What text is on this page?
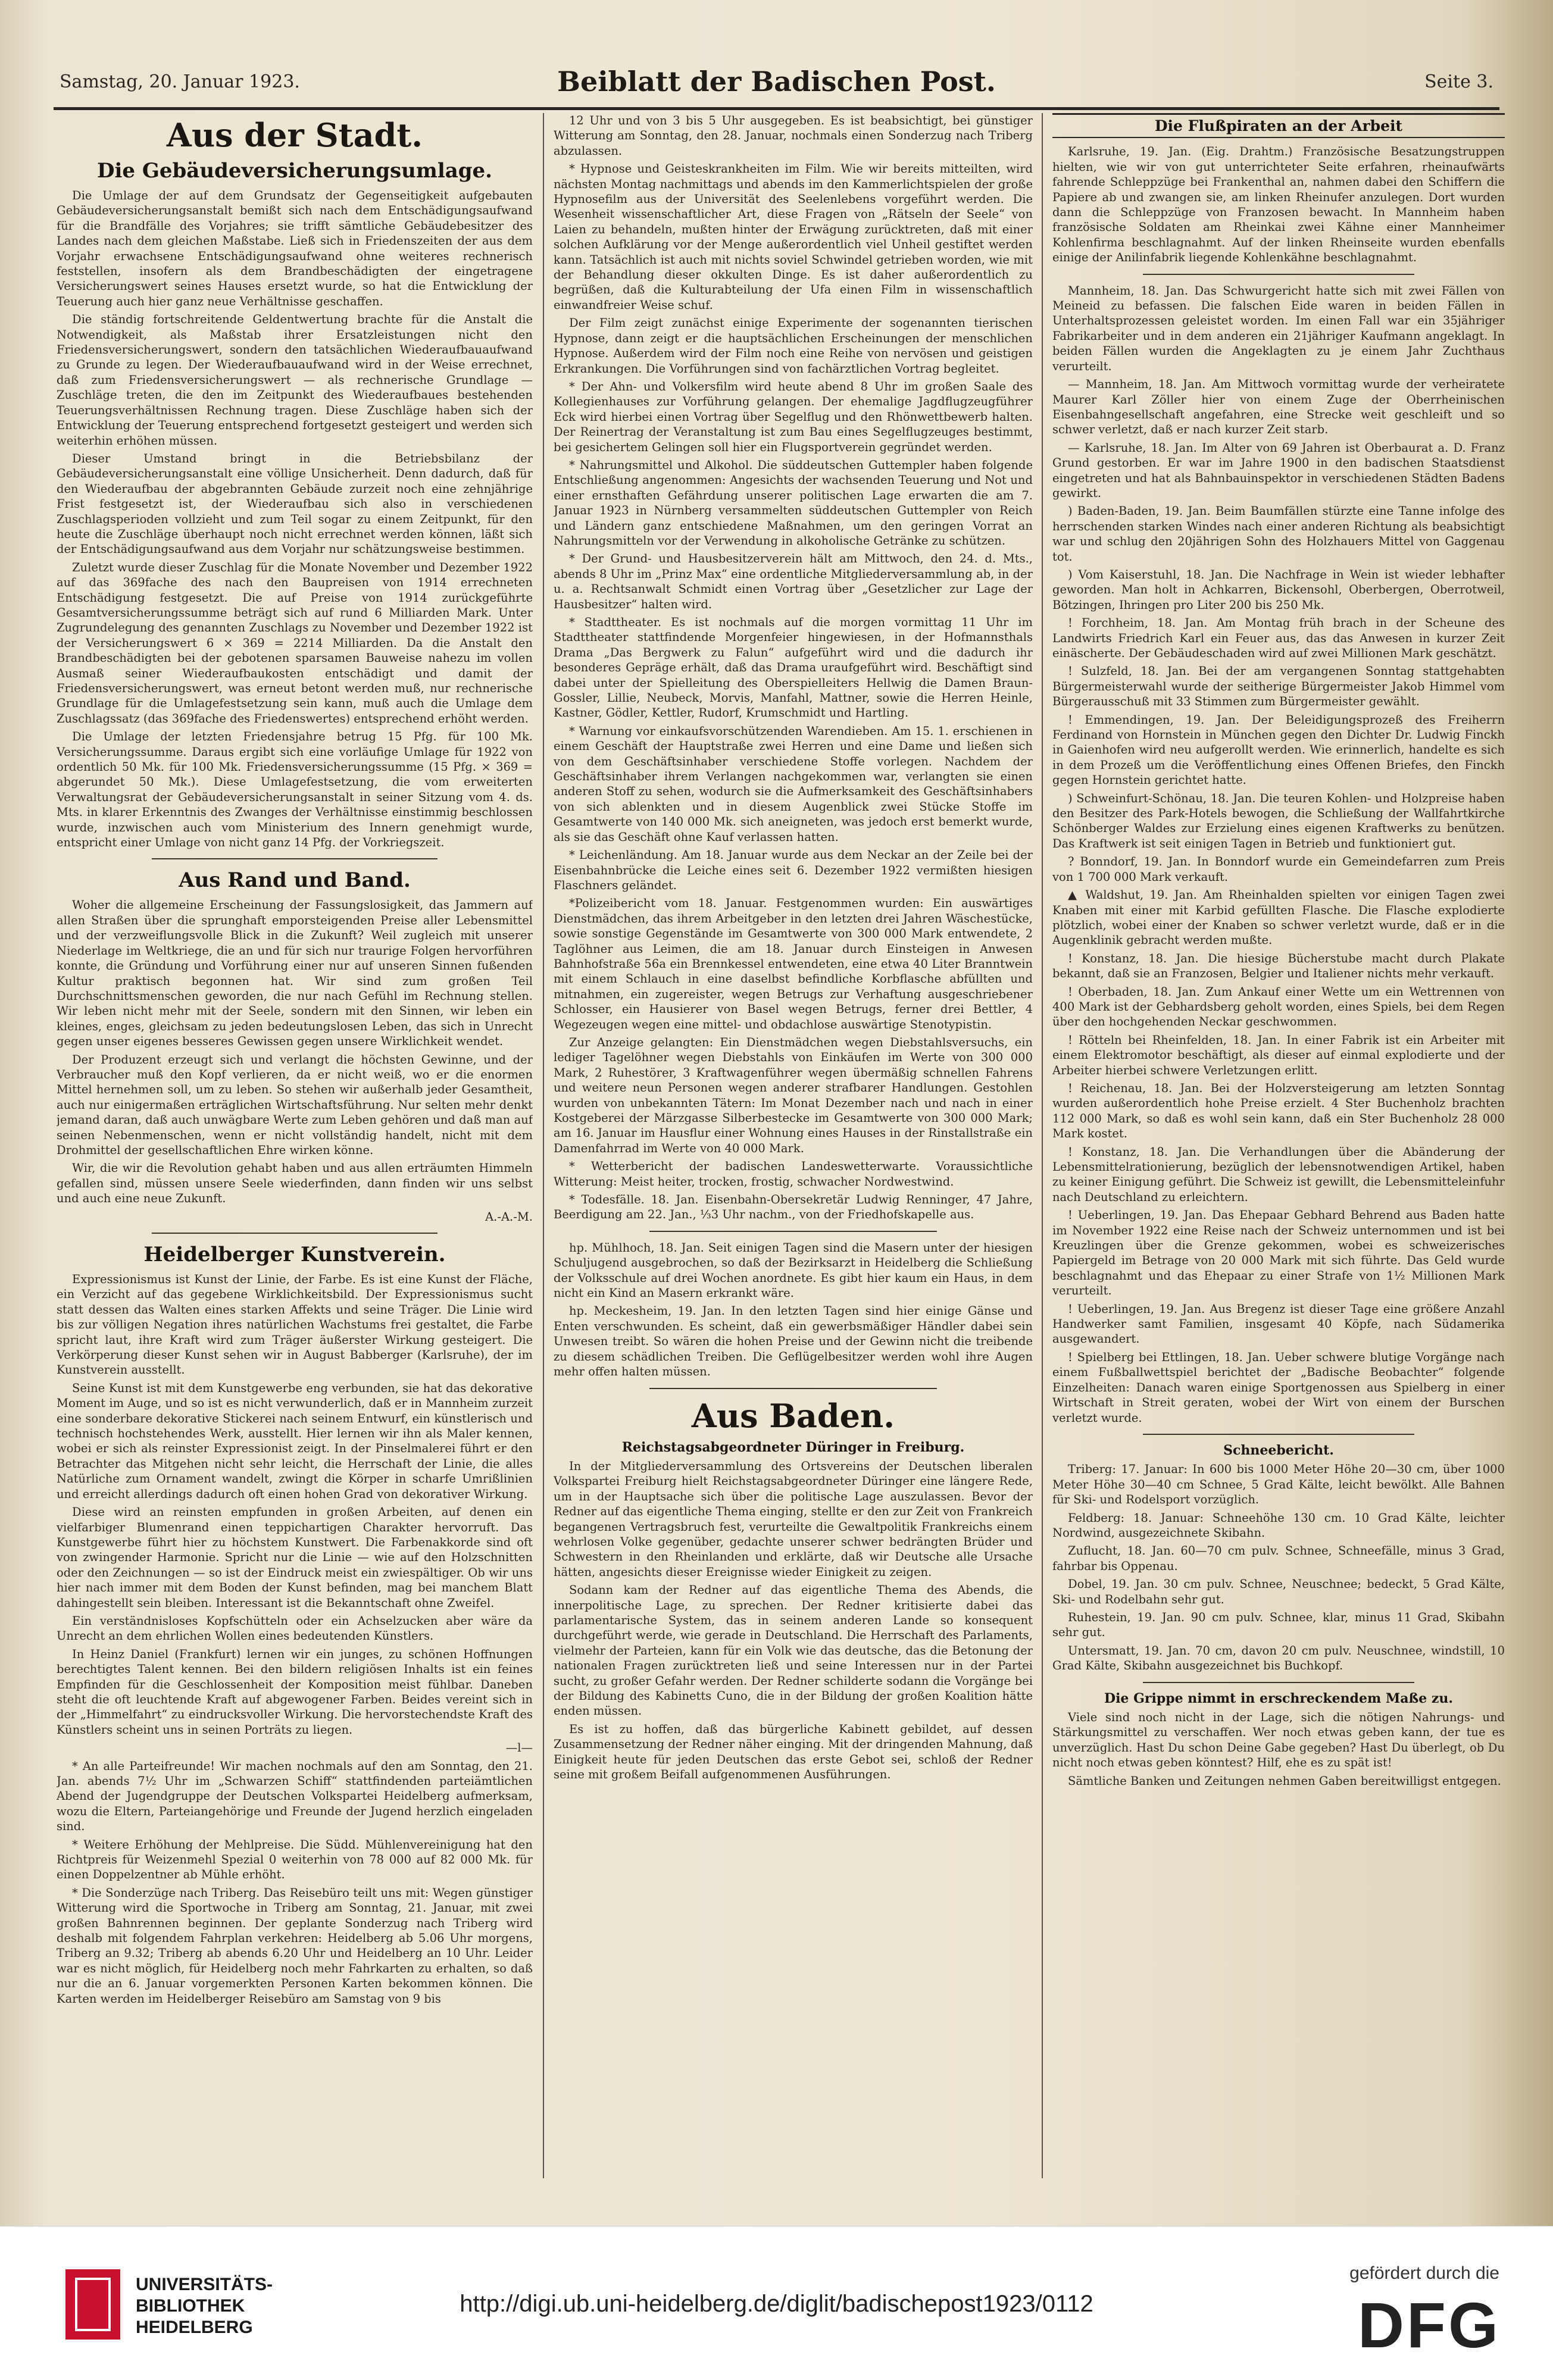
Samstag, 20. Januar 1923.	Beiblatt der Badischen Post.	Seite 3.
Aus der Stadt.
Die Gebäudeversicherungsumlage.

Die Umlage der auf dem Grundsatz der Gegenseitigkeit aufgebauten Gebäudeversicherungsanstalt bemißt sich nach dem Entschädigungsaufwand für die Brandfälle des Vorjahres; sie trifft sämtliche Gebäudebesitzer des Landes nach dem gleichen Maßstabe. Ließ sich in Friedenszeiten der aus dem Vorjahr erwachsene Entschädigungsaufwand ohne weiteres rechnerisch feststellen, insofern als dem Brandbeschädigten der eingetragene Versicherungswert seines Hauses ersetzt wurde, so hat die Entwicklung der Teuerung auch hier ganz neue Verhältnisse geschaffen.

Die ständig fortschreitende Geldentwertung brachte für die Anstalt die Notwendigkeit, als Maßstab ihrer Ersatzleistungen nicht den Friedensversicherungswert, sondern den tatsächlichen Wiederaufbauaufwand zu Grunde zu legen. Der Wiederaufbauaufwand wird in der Weise errechnet, daß zum Friedensversicherungswert — als rechnerische Grundlage — Zuschläge treten, die den im Zeitpunkt des Wiederaufbaues bestehenden Teuerungsverhältnissen Rechnung tragen. Diese Zuschläge haben sich der Entwicklung der Teuerung entsprechend fortgesetzt gesteigert und werden sich weiterhin erhöhen müssen.

Dieser Umstand bringt in die Betriebsbilanz der Gebäudeversicherungsanstalt eine völlige Unsicherheit. Denn dadurch, daß für den Wiederaufbau der abgebrannten Gebäude zurzeit noch eine zehnjährige Frist festgesetzt ist, der Wiederaufbau sich also in verschiedenen Zuschlagsperioden vollzieht und zum Teil sogar zu einem Zeitpunkt, für den heute die Zuschläge überhaupt noch nicht errechnet werden können, läßt sich der Entschädigungsaufwand aus dem Vorjahr nur schätzungsweise bestimmen.

Zuletzt wurde dieser Zuschlag für die Monate November und Dezember 1922 auf das 369fache des nach den Baupreisen von 1914 errechneten Entschädigung festgesetzt. Die auf Preise von 1914 zurückgeführte Gesamtversicherungssumme beträgt sich auf rund 6 Milliarden Mark. Unter Zugrundelegung des genannten Zuschlags zu November und Dezember 1922 ist der Versicherungswert 6 × 369 = 2214 Milliarden. Da die Anstalt den Brandbeschädigten bei der gebotenen sparsamen Bauweise nahezu im vollen Ausmaß seiner Wiederaufbaukosten entschädigt und damit der Friedensversicherungswert, was erneut betont werden muß, nur rechnerische Grundlage für die Umlagefestsetzung sein kann, muß auch die Umlage dem Zuschlagssatz (das 369fache des Friedenswertes) entsprechend erhöht werden.

Die Umlage der letzten Friedensjahre betrug 15 Pfg. für 100 Mk. Versicherungssumme. Daraus ergibt sich eine vorläufige Umlage für 1922 von ordentlich 50 Mk. für 100 Mk. Friedensversicherungssumme (15 Pfg. × 369 = abgerundet 50 Mk.). Diese Umlagefestsetzung, die vom erweiterten Verwaltungsrat der Gebäudeversicherungsanstalt in seiner Sitzung vom 4. ds. Mts. in klarer Erkenntnis des Zwanges der Verhältnisse einstimmig beschlossen wurde, inzwischen auch vom Ministerium des Innern genehmigt wurde, entspricht einer Umlage von nicht ganz 14 Pfg. der Vorkriegszeit.

Aus Rand und Band.

Woher die allgemeine Erscheinung der Fassungslosigkeit, das Jammern auf allen Straßen über die sprunghaft emporsteigenden Preise aller Lebensmittel und der verzweiflungsvolle Blick in die Zukunft? Weil zugleich mit unserer Niederlage im Weltkriege, die an und für sich nur traurige Folgen hervorführen konnte, die Gründung und Vorführung einer nur auf unseren Sinnen fußenden Kultur praktisch begonnen hat. Wir sind zum großen Teil Durchschnittsmenschen geworden, die nur nach Gefühl im Rechnung stellen. Wir leben nicht mehr mit der Seele, sondern mit den Sinnen, wir leben ein kleines, enges, gleichsam zu jeden bedeutungslosen Leben, das sich in Unrecht gegen unser eigenes besseres Gewissen gegen unsere Wirklichkeit wendet.

Der Produzent erzeugt sich und verlangt die höchsten Gewinne, und der Verbraucher muß den Kopf verlieren, da er nicht weiß, wo er die enormen Mittel hernehmen soll, um zu leben. So stehen wir außerhalb jeder Gesamtheit, auch nur einigermaßen erträglichen Wirtschaftsführung. Nur selten mehr denkt jemand daran, daß auch unwägbare Werte zum Leben gehören und daß man auf seinen Nebenmenschen, wenn er nicht vollständig handelt, nicht mit dem Drohmittel der gesellschaftlichen Ehre wirken könne.

Wir, die wir die Revolution gehabt haben und aus allen erträumten Himmeln gefallen sind, müssen unsere Seele wiederfinden, dann finden wir uns selbst und auch eine neue Zukunft.

A.-A.-M.

Heidelberger Kunstverein.

Expressionismus ist Kunst der Linie, der Farbe. Es ist eine Kunst der Fläche, ein Verzicht auf das gegebene Wirklichkeitsbild. Der Expressionismus sucht statt dessen das Walten eines starken Affekts und seine Träger. Die Linie wird bis zur völligen Negation ihres natürlichen Wachstums frei gestaltet, die Farbe spricht laut, ihre Kraft wird zum Träger äußerster Wirkung gesteigert. Die Verkörperung dieser Kunst sehen wir in August Babberger (Karlsruhe), der im Kunstverein ausstellt.

Seine Kunst ist mit dem Kunstgewerbe eng verbunden, sie hat das dekorative Moment im Auge, und so ist es nicht verwunderlich, daß er in Mannheim zurzeit eine sonderbare dekorative Stickerei nach seinem Entwurf, ein künstlerisch und technisch hochstehendes Werk, ausstellt. Hier lernen wir ihn als Maler kennen, wobei er sich als reinster Expressionist zeigt. In der Pinselmalerei führt er den Betrachter das Mitgehen nicht sehr leicht, die Herrschaft der Linie, die alles Natürliche zum Ornament wandelt, zwingt die Körper in scharfe Umrißlinien und erreicht allerdings dadurch oft einen hohen Grad von dekorativer Wirkung.

Diese wird an reinsten empfunden in großen Arbeiten, auf denen ein vielfarbiger Blumenrand einen teppichartigen Charakter hervorruft. Das Kunstgewerbe führt hier zu höchstem Kunstwert. Die Farbenakkorde sind oft von zwingender Harmonie. Spricht nur die Linie — wie auf den Holzschnitten oder den Zeichnungen — so ist der Eindruck meist ein zwiespältiger. Ob wir uns hier nach immer mit dem Boden der Kunst befinden, mag bei manchem Blatt dahingestellt sein bleiben. Interessant ist die Bekanntschaft ohne Zweifel.

Ein verständnisloses Kopfschütteln oder ein Achselzucken aber wäre da Unrecht an dem ehrlichen Wollen eines bedeutenden Künstlers.

In Heinz Daniel (Frankfurt) lernen wir ein junges, zu schönen Hoffnungen berechtigtes Talent kennen. Bei den bildern religiösen Inhalts ist ein feines Empfinden für die Geschlossenheit der Komposition meist fühlbar. Daneben steht die oft leuchtende Kraft auf abgewogener Farben. Beides vereint sich in der „Himmelfahrt“ zu eindrucksvoller Wirkung. Die hervorstechendste Kraft des Künstlers scheint uns in seinen Porträts zu liegen.

—l—

* An alle Parteifreunde! Wir machen nochmals auf den am Sonntag, den 21. Jan. abends 7½ Uhr im „Schwarzen Schiff“ stattfindenden parteiämtlichen Abend der Jugendgruppe der Deutschen Volkspartei Heidelberg aufmerksam, wozu die Eltern, Parteiangehörige und Freunde der Jugend herzlich eingeladen sind.

* Weitere Erhöhung der Mehlpreise. Die Südd. Mühlenvereinigung hat den Richtpreis für Weizenmehl Spezial 0 weiterhin von 78 000 auf 82 000 Mk. für einen Doppelzentner ab Mühle erhöht.

* Die Sonderzüge nach Triberg. Das Reisebüro teilt uns mit: Wegen günstiger Witterung wird die Sportwoche in Triberg am Sonntag, 21. Januar, mit zwei großen Bahnrennen beginnen. Der geplante Sonderzug nach Triberg wird deshalb mit folgendem Fahrplan verkehren: Heidelberg ab 5.06 Uhr morgens, Triberg an 9.32; Triberg ab abends 6.20 Uhr und Heidelberg an 10 Uhr. Leider war es nicht möglich, für Heidelberg noch mehr Fahrkarten zu erhalten, so daß nur die an 6. Januar vorgemerkten Personen Karten bekommen können. Die Karten werden im Heidelberger Reisebüro am Samstag von 9 bis

12 Uhr und von 3 bis 5 Uhr ausgegeben. Es ist beabsichtigt, bei günstiger Witterung am Sonntag, den 28. Januar, nochmals einen Sonderzug nach Triberg abzulassen.

* Hypnose und Geisteskrankheiten im Film. Wie wir bereits mitteilten, wird nächsten Montag nachmittags und abends im den Kammerlichtspielen der große Hypnosefilm aus der Universität des Seelenlebens vorgeführt werden. Die Wesenheit wissenschaftlicher Art, diese Fragen von „Rätseln der Seele“ von Laien zu behandeln, mußten hinter der Erwägung zurücktreten, daß mit einer solchen Aufklärung vor der Menge außerordentlich viel Unheil gestiftet werden kann. Tatsächlich ist auch mit nichts soviel Schwindel getrieben worden, wie mit der Behandlung dieser okkulten Dinge. Es ist daher außerordentlich zu begrüßen, daß die Kulturabteilung der Ufa einen Film in wissenschaftlich einwandfreier Weise schuf.

Der Film zeigt zunächst einige Experimente der sogenannten tierischen Hypnose, dann zeigt er die hauptsächlichen Erscheinungen der menschlichen Hypnose. Außerdem wird der Film noch eine Reihe von nervösen und geistigen Erkrankungen. Die Vorführungen sind von fachärztlichen Vortrag begleitet.

* Der Ahn- und Volkersfilm wird heute abend 8 Uhr im großen Saale des Kollegienhauses zur Vorführung gelangen. Der ehemalige Jagdflugzeugführer Eck wird hierbei einen Vortrag über Segelflug und den Rhönwettbewerb halten. Der Reinertrag der Veranstaltung ist zum Bau eines Segelflugzeuges bestimmt, bei gesichertem Gelingen soll hier ein Flugsportverein gegründet werden.

* Nahrungsmittel und Alkohol. Die süddeutschen Guttempler haben folgende Entschließung angenommen: Angesichts der wachsenden Teuerung und Not und einer ernsthaften Gefährdung unserer politischen Lage erwarten die am 7. Januar 1923 in Nürnberg versammelten süddeutschen Guttempler von Reich und Ländern ganz entschiedene Maßnahmen, um den geringen Vorrat an Nahrungsmitteln vor der Verwendung in alkoholische Getränke zu schützen.

* Der Grund- und Hausbesitzerverein hält am Mittwoch, den 24. d. Mts., abends 8 Uhr im „Prinz Max“ eine ordentliche Mitgliederversammlung ab, in der u. a. Rechtsanwalt Schmidt einen Vortrag über „Gesetzlicher zur Lage der Hausbesitzer“ halten wird.

* Stadttheater. Es ist nochmals auf die morgen vormittag 11 Uhr im Stadttheater stattfindende Morgenfeier hingewiesen, in der Hofmannsthals Drama „Das Bergwerk zu Falun“ aufgeführt wird und die dadurch ihr besonderes Gepräge erhält, daß das Drama uraufgeführt wird. Beschäftigt sind dabei unter der Spielleitung des Oberspielleiters Hellwig die Damen Braun-Gossler, Lillie, Neubeck, Morvis, Manfahl, Mattner, sowie die Herren Heinle, Kastner, Gödler, Kettler, Rudorf, Krumschmidt und Hartling.

* Warnung vor einkaufsvorschützenden Warendieben. Am 15. 1. erschienen in einem Geschäft der Hauptstraße zwei Herren und eine Dame und ließen sich von dem Geschäftsinhaber verschiedene Stoffe vorlegen. Nachdem der Geschäftsinhaber ihrem Verlangen nachgekommen war, verlangten sie einen anderen Stoff zu sehen, wodurch sie die Aufmerksamkeit des Geschäftsinhabers von sich ablenkten und in diesem Augenblick zwei Stücke Stoffe im Gesamtwerte von 140 000 Mk. sich aneigneten, was jedoch erst bemerkt wurde, als sie das Geschäft ohne Kauf verlassen hatten.

* Leichenländung. Am 18. Januar wurde aus dem Neckar an der Zeile bei der Eisenbahnbrücke die Leiche eines seit 6. Dezember 1922 vermißten hiesigen Flaschners geländet.

*Polizeibericht vom 18. Januar. Festgenommen wurden: Ein auswärtiges Dienstmädchen, das ihrem Arbeitgeber in den letzten drei Jahren Wäschestücke, sowie sonstige Gegenstände im Gesamtwerte von 300 000 Mark entwendete, 2 Taglöhner aus Leimen, die am 18. Januar durch Einsteigen in Anwesen Bahnhofstraße 56a ein Brennkessel entwendeten, eine etwa 40 Liter Branntwein mit einem Schlauch in eine daselbst befindliche Korbflasche abfüllten und mitnahmen, ein zugereister, wegen Betrugs zur Verhaftung ausgeschriebener Schlosser, ein Hausierer von Basel wegen Betrugs, ferner drei Bettler, 4 Wegezeugen wegen eine mittel- und obdachlose auswärtige Stenotypistin.

Zur Anzeige gelangten: Ein Dienstmädchen wegen Diebstahlsversuchs, ein lediger Tagelöhner wegen Diebstahls von Einkäufen im Werte von 300 000 Mark, 2 Ruhestörer, 3 Kraftwagenführer wegen übermäßig schnellen Fahrens und weitere neun Personen wegen anderer strafbarer Handlungen. Gestohlen wurden von unbekannten Tätern: Im Monat Dezember nach und nach in einer Kostgeberei der Märzgasse Silberbestecke im Gesamtwerte von 300 000 Mark; am 16. Januar im Hausflur einer Wohnung eines Hauses in der Rinstallstraße ein Damenfahrrad im Werte von 40 000 Mark.

* Wetterbericht der badischen Landeswetterwarte. Voraussichtliche Witterung: Meist heiter, trocken, frostig, schwacher Nordwestwind.

* Todesfälle. 18. Jan. Eisenbahn-Obersekretär Ludwig Renninger, 47 Jahre, Beerdigung am 22. Jan., ⅓3 Uhr nachm., von der Friedhofskapelle aus.

hp. Mühlhoch, 18. Jan. Seit einigen Tagen sind die Masern unter der hiesigen Schuljugend ausgebrochen, so daß der Bezirksarzt in Heidelberg die Schließung der Volksschule auf drei Wochen anordnete. Es gibt hier kaum ein Haus, in dem nicht ein Kind an Masern erkrankt wäre.

hp. Meckesheim, 19. Jan. In den letzten Tagen sind hier einige Gänse und Enten verschwunden. Es scheint, daß ein gewerbsmäßiger Händler dabei sein Unwesen treibt. So wären die hohen Preise und der Gewinn nicht die treibende zu diesem schädlichen Treiben. Die Geflügelbesitzer werden wohl ihre Augen mehr offen halten müssen.

Aus Baden.
Reichstagsabgeordneter Düringer in Freiburg.

In der Mitgliederversammlung des Ortsvereins der Deutschen liberalen Volkspartei Freiburg hielt Reichstagsabgeordneter Düringer eine längere Rede, um in der Hauptsache sich über die politische Lage auszulassen. Bevor der Redner auf das eigentliche Thema einging, stellte er den zur Zeit von Frankreich begangenen Vertragsbruch fest, verurteilte die Gewaltpolitik Frankreichs einem wehrlosen Volke gegenüber, gedachte unserer schwer bedrängten Brüder und Schwestern in den Rheinlanden und erklärte, daß wir Deutsche alle Ursache hätten, angesichts dieser Ereignisse wieder Einigkeit zu zeigen.

Sodann kam der Redner auf das eigentliche Thema des Abends, die innerpolitische Lage, zu sprechen. Der Redner kritisierte dabei das parlamentarische System, das in seinem anderen Lande so konsequent durchgeführt werde, wie gerade in Deutschland. Die Herrschaft des Parlaments, vielmehr der Parteien, kann für ein Volk wie das deutsche, das die Betonung der nationalen Fragen zurücktreten ließ und seine Interessen nur in der Partei sucht, zu großer Gefahr werden. Der Redner schilderte sodann die Vorgänge bei der Bildung des Kabinetts Cuno, die in der Bildung der großen Koalition hätte enden müssen.

Es ist zu hoffen, daß das bürgerliche Kabinett gebildet, auf dessen Zusammensetzung der Redner näher einging. Mit der dringenden Mahnung, daß Einigkeit heute für jeden Deutschen das erste Gebot sei, schloß der Redner seine mit großem Beifall aufgenommenen Ausführungen.

Die Flußpiraten an der Arbeit

Karlsruhe, 19. Jan. (Eig. Drahtm.) Französische Besatzungstruppen hielten, wie wir von gut unterrichteter Seite erfahren, rheinaufwärts fahrende Schleppzüge bei Frankenthal an, nahmen dabei den Schiffern die Papiere ab und zwangen sie, am linken Rheinufer anzulegen. Dort wurden dann die Schleppzüge von Franzosen bewacht. In Mannheim haben französische Soldaten am Rheinkai zwei Kähne einer Mannheimer Kohlenfirma beschlagnahmt. Auf der linken Rheinseite wurden ebenfalls einige der Anilinfabrik liegende Kohlenkähne beschlagnahmt.

Mannheim, 18. Jan. Das Schwurgericht hatte sich mit zwei Fällen von Meineid zu befassen. Die falschen Eide waren in beiden Fällen in Unterhaltsprozessen geleistet worden. Im einen Fall war ein 35jähriger Fabrikarbeiter und in dem anderen ein 21jähriger Kaufmann angeklagt. In beiden Fällen wurden die Angeklagten zu je einem Jahr Zuchthaus verurteilt.

— Mannheim, 18. Jan. Am Mittwoch vormittag wurde der verheiratete Maurer Karl Zöller hier von einem Zuge der Oberrheinischen Eisenbahngesellschaft angefahren, eine Strecke weit geschleift und so schwer verletzt, daß er nach kurzer Zeit starb.

— Karlsruhe, 18. Jan. Im Alter von 69 Jahren ist Oberbaurat a. D. Franz Grund gestorben. Er war im Jahre 1900 in den badischen Staatsdienst eingetreten und hat als Bahnbauinspektor in verschiedenen Städten Badens gewirkt.

) Baden-Baden, 19. Jan. Beim Baumfällen stürzte eine Tanne infolge des herrschenden starken Windes nach einer anderen Richtung als beabsichtigt war und schlug den 20jährigen Sohn des Holzhauers Mittel von Gaggenau tot.

) Vom Kaiserstuhl, 18. Jan. Die Nachfrage in Wein ist wieder lebhafter geworden. Man holt in Achkarren, Bickensohl, Oberbergen, Oberrotweil, Bötzingen, Ihringen pro Liter 200 bis 250 Mk.

! Forchheim, 18. Jan. Am Montag früh brach in der Scheune des Landwirts Friedrich Karl ein Feuer aus, das das Anwesen in kurzer Zeit einäscherte. Der Gebäudeschaden wird auf zwei Millionen Mark geschätzt.

! Sulzfeld, 18. Jan. Bei der am vergangenen Sonntag stattgehabten Bürgermeisterwahl wurde der seitherige Bürgermeister Jakob Himmel vom Bürgerausschuß mit 33 Stimmen zum Bürgermeister gewählt.

! Emmendingen, 19. Jan. Der Beleidigungsprozeß des Freiherrn Ferdinand von Hornstein in München gegen den Dichter Dr. Ludwig Finckh in Gaienhofen wird neu aufgerollt werden. Wie erinnerlich, handelte es sich in dem Prozeß um die Veröffentlichung eines Offenen Briefes, den Finckh gegen Hornstein gerichtet hatte.

) Schweinfurt-Schönau, 18. Jan. Die teuren Kohlen- und Holzpreise haben den Besitzer des Park-Hotels bewogen, die Schließung der Wallfahrtkirche Schönberger Waldes zur Erzielung eines eigenen Kraftwerks zu benützen. Das Kraftwerk ist seit einigen Tagen in Betrieb und funktioniert gut.

? Bonndorf, 19. Jan. In Bonndorf wurde ein Gemeindefarren zum Preis von 1 700 000 Mark verkauft.

▲ Waldshut, 19. Jan. Am Rheinhalden spielten vor einigen Tagen zwei Knaben mit einer mit Karbid gefüllten Flasche. Die Flasche explodierte plötzlich, wobei einer der Knaben so schwer verletzt wurde, daß er in die Augenklinik gebracht werden mußte.

! Konstanz, 18. Jan. Die hiesige Bücherstube macht durch Plakate bekannt, daß sie an Franzosen, Belgier und Italiener nichts mehr verkauft.

! Oberbaden, 18. Jan. Zum Ankauf einer Wette um ein Wettrennen von 400 Mark ist der Gebhardsberg geholt worden, eines Spiels, bei dem Regen über den hochgehenden Neckar geschwommen.

! Rötteln bei Rheinfelden, 18. Jan. In einer Fabrik ist ein Arbeiter mit einem Elektromotor beschäftigt, als dieser auf einmal explodierte und der Arbeiter hierbei schwere Verletzungen erlitt.

! Reichenau, 18. Jan. Bei der Holzversteigerung am letzten Sonntag wurden außerordentlich hohe Preise erzielt. 4 Ster Buchenholz brachten 112 000 Mark, so daß es wohl sein kann, daß ein Ster Buchenholz 28 000 Mark kostet.

! Konstanz, 18. Jan. Die Verhandlungen über die Abänderung der Lebensmittelrationierung, bezüglich der lebensnotwendigen Artikel, haben zu keiner Einigung geführt. Die Schweiz ist gewillt, die Lebensmitteleinfuhr nach Deutschland zu erleichtern.

! Ueberlingen, 19. Jan. Das Ehepaar Gebhard Behrend aus Baden hatte im November 1922 eine Reise nach der Schweiz unternommen und ist bei Kreuzlingen über die Grenze gekommen, wobei es schweizerisches Papiergeld im Betrage von 20 000 Mark mit sich führte. Das Geld wurde beschlagnahmt und das Ehepaar zu einer Strafe von 1½ Millionen Mark verurteilt.

! Ueberlingen, 19. Jan. Aus Bregenz ist dieser Tage eine größere Anzahl Handwerker samt Familien, insgesamt 40 Köpfe, nach Südamerika ausgewandert.

! Spielberg bei Ettlingen, 18. Jan. Ueber schwere blutige Vorgänge nach einem Fußballwettspiel berichtet der „Badische Beobachter“ folgende Einzelheiten: Danach waren einige Sportgenossen aus Spielberg in einer Wirtschaft in Streit geraten, wobei der Wirt von einem der Burschen verletzt wurde.

Schneebericht.

Triberg: 17. Januar: In 600 bis 1000 Meter Höhe 20—30 cm, über 1000 Meter Höhe 30—40 cm Schnee, 5 Grad Kälte, leicht bewölkt. Alle Bahnen für Ski- und Rodelsport vorzüglich.

Feldberg: 18. Januar: Schneehöhe 130 cm. 10 Grad Kälte, leichter Nordwind, ausgezeichnete Skibahn.

Zuflucht, 18. Jan. 60—70 cm pulv. Schnee, Schneefälle, minus 3 Grad, fahrbar bis Oppenau.

Dobel, 19. Jan. 30 cm pulv. Schnee, Neuschnee; bedeckt, 5 Grad Kälte, Ski- und Rodelbahn sehr gut.

Ruhestein, 19. Jan. 90 cm pulv. Schnee, klar, minus 11 Grad, Skibahn sehr gut.

Untersmatt, 19. Jan. 70 cm, davon 20 cm pulv. Neuschnee, windstill, 10 Grad Kälte, Skibahn ausgezeichnet bis Buchkopf.

Die Grippe nimmt in erschreckendem Maße zu.

Viele sind noch nicht in der Lage, sich die nötigen Nahrungs- und Stärkungsmittel zu verschaffen. Wer noch etwas geben kann, der tue es unverzüglich. Hast Du schon Deine Gabe gegeben? Hast Du überlegt, ob Du nicht noch etwas geben könntest? Hilf, ehe es zu spät ist!

Sämtliche Banken und Zeitungen nehmen Gaben bereitwilligst entgegen.

UNIVERSITÄTS-
BIBLIOTHEK
HEIDELBERG
http://digi.ub.uni-heidelberg.de/diglit/badischepost1923/0112
gefördert durch die
DFG
